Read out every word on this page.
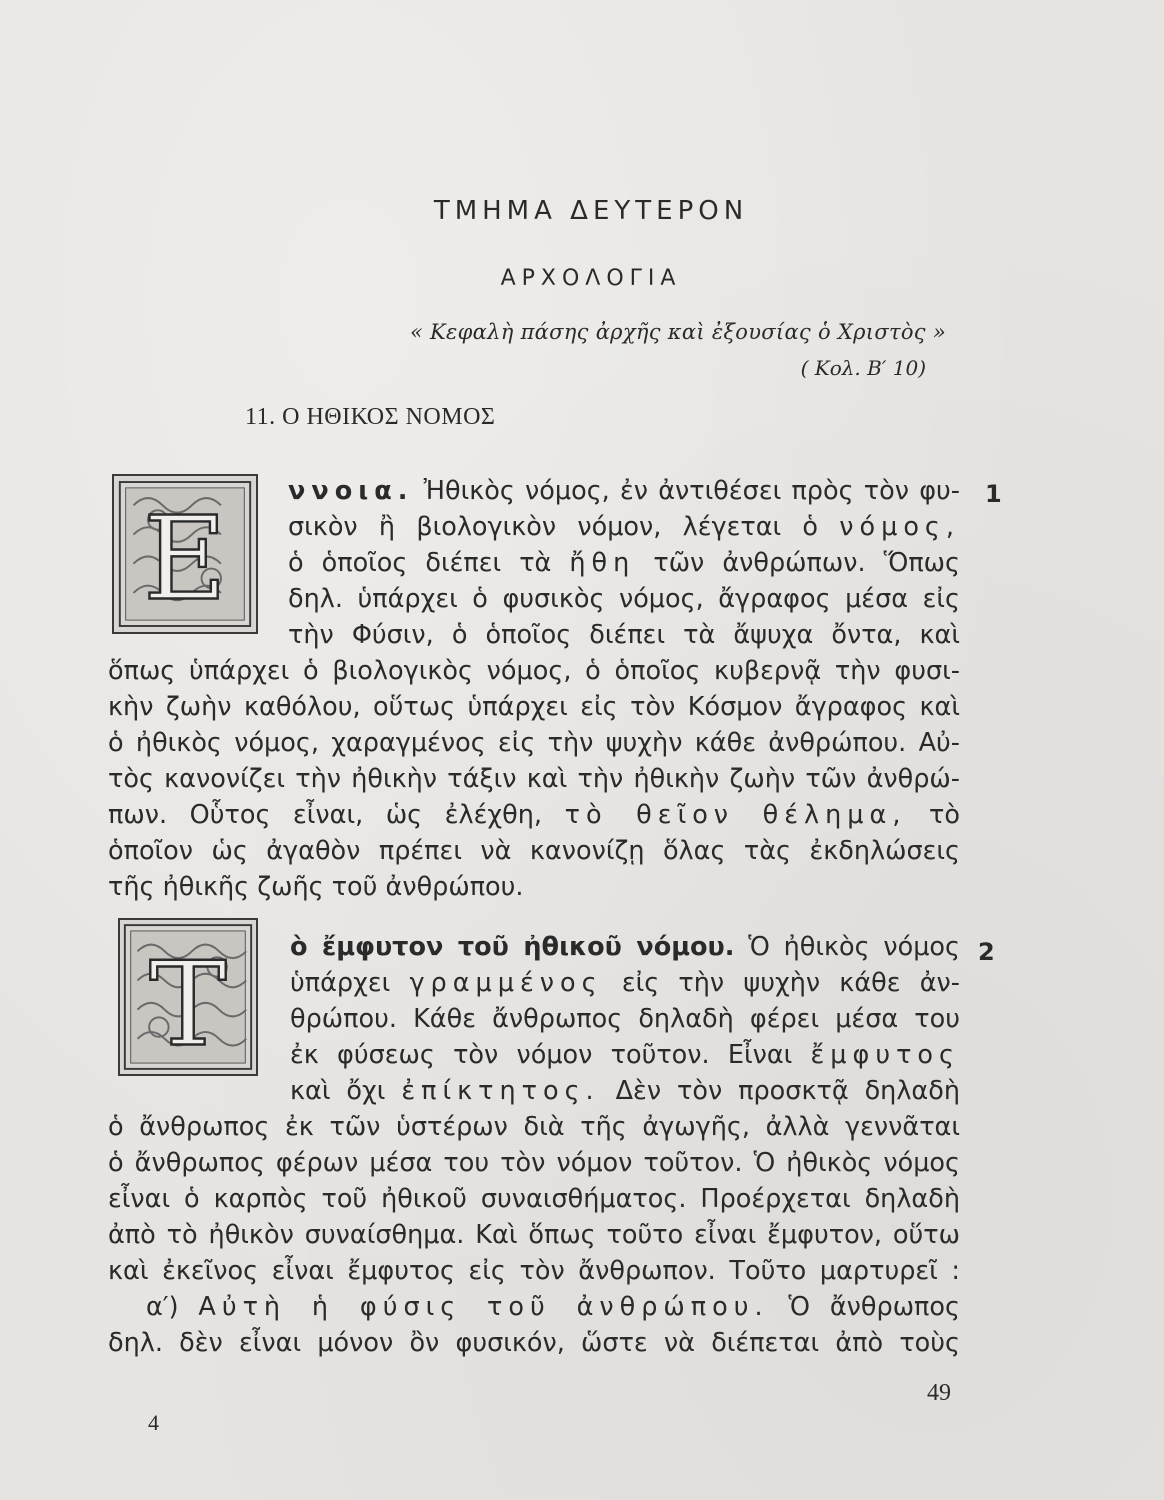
ΤΜΗΜΑ ΔΕΥΤΕΡΟΝ
ΑΡΧΟΛΟΓΙΑ
« Κεφαλὴ πάσης ἀρχῆς καὶ ἐξουσίας ὁ Χριστὸς »
( Κολ. Β′ 10)
11. Ο ΗΘΙΚΟΣ ΝΟΜΟΣ
E	1
ννοια. Ἠθικὸς νόμος, ἐν ἀντιθέσει πρὸς τὸν φυ-
σικὸν ἢ βιολογικὸν νόμον, λέγεται ὁ νόμος,
ὁ ὁποῖος διέπει τὰ ἤθη τῶν ἀνθρώπων. Ὅπως
δηλ. ὑπάρχει ὁ φυσικὸς νόμος, ἄγραφος μέσα εἰς
τὴν Φύσιν, ὁ ὁποῖος διέπει τὰ ἄψυχα ὄντα, καὶ
ὅπως ὑπάρχει ὁ βιολογικὸς νόμος, ὁ ὁποῖος κυβερνᾷ τὴν φυσι-
κὴν ζωὴν καθόλου, οὕτως ὑπάρχει εἰς τὸν Κόσμον ἄγραφος καὶ
ὁ ἠθικὸς νόμος, χαραγμένος εἰς τὴν ψυχὴν κάθε ἀνθρώπου. Αὐ-
τὸς κανονίζει τὴν ἠθικὴν τάξιν καὶ τὴν ἠθικὴν ζωὴν τῶν ἀνθρώ-
πων. Οὗτος εἶναι, ὡς ἐλέχθη, τὸ θεῖον θέλημα, τὸ
ὁποῖον ὡς ἀγαθὸν πρέπει νὰ κανονίζῃ ὅλας τὰς ἐκδηλώσεις
τῆς ἠθικῆς ζωῆς τοῦ ἀνθρώπου.
T	2
ὸ ἔμφυτον τοῦ ἠθικοῦ νόμου. Ὁ ἠθικὸς νόμος
ὑπάρχει γραμμένος εἰς τὴν ψυχὴν κάθε ἀν-
θρώπου. Κάθε ἄνθρωπος δηλαδὴ φέρει μέσα του
ἐκ φύσεως τὸν νόμον τοῦτον. Εἶναι ἔμφυτος
καὶ ὄχι ἐπίκτητος. Δὲν τὸν προσκτᾷ δηλαδὴ
ὁ ἄνθρωπος ἐκ τῶν ὑστέρων διὰ τῆς ἀγωγῆς, ἀλλὰ γεννᾶται
ὁ ἄνθρωπος φέρων μέσα του τὸν νόμον τοῦτον. Ὁ ἠθικὸς νόμος
εἶναι ὁ καρπὸς τοῦ ἠθικοῦ συναισθήματος. Προέρχεται δηλαδὴ
ἀπὸ τὸ ἠθικὸν συναίσθημα. Καὶ ὅπως τοῦτο εἶναι ἔμφυτον, οὕτω
καὶ ἐκεῖνος εἶναι ἔμφυτος εἰς τὸν ἄνθρωπον. Τοῦτο μαρτυρεῖ :
α′) Αὐτὴ ἡ φύσις τοῦ ἀνθρώπου. Ὁ ἄνθρωπος
δηλ. δὲν εἶναι μόνον ὂν φυσικόν, ὥστε νὰ διέπεται ἀπὸ τοὺς
4
49
